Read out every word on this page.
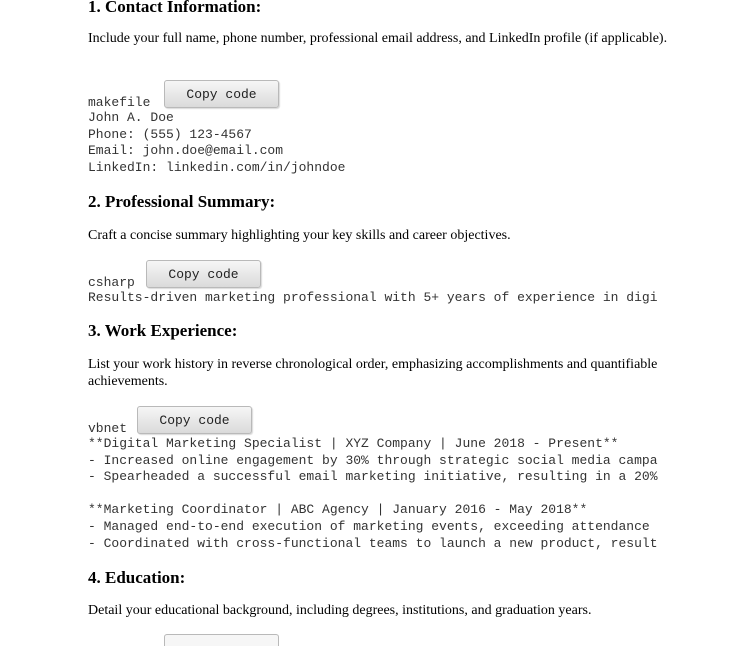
1. Contact Information:

Include your full name, phone number, professional email address, and LinkedIn profile (if applicable).

makefile
Copy code
John A. Doe
Phone: (555) 123-4567
Email: john.doe@email.com
LinkedIn: linkedin.com/in/johndoe
2. Professional Summary:

Craft a concise summary highlighting your key skills and career objectives.

csharp
Copy code
Results-driven marketing professional with 5+ years of experience in digi
3. Work Experience:

List your work history in reverse chronological order, emphasizing accomplishments and quantifiable achievements.

vbnet
Copy code
**Digital Marketing Specialist | XYZ Company | June 2018 - Present**
- Increased online engagement by 30% through strategic social media campa
- Spearheaded a successful email marketing initiative, resulting in a 20%
**Marketing Coordinator | ABC Agency | January 2016 - May 2018**
- Managed end-to-end execution of marketing events, exceeding attendance
- Coordinated with cross-functional teams to launch a new product, result
4. Education:

Detail your educational background, including degrees, institutions, and graduation years.
